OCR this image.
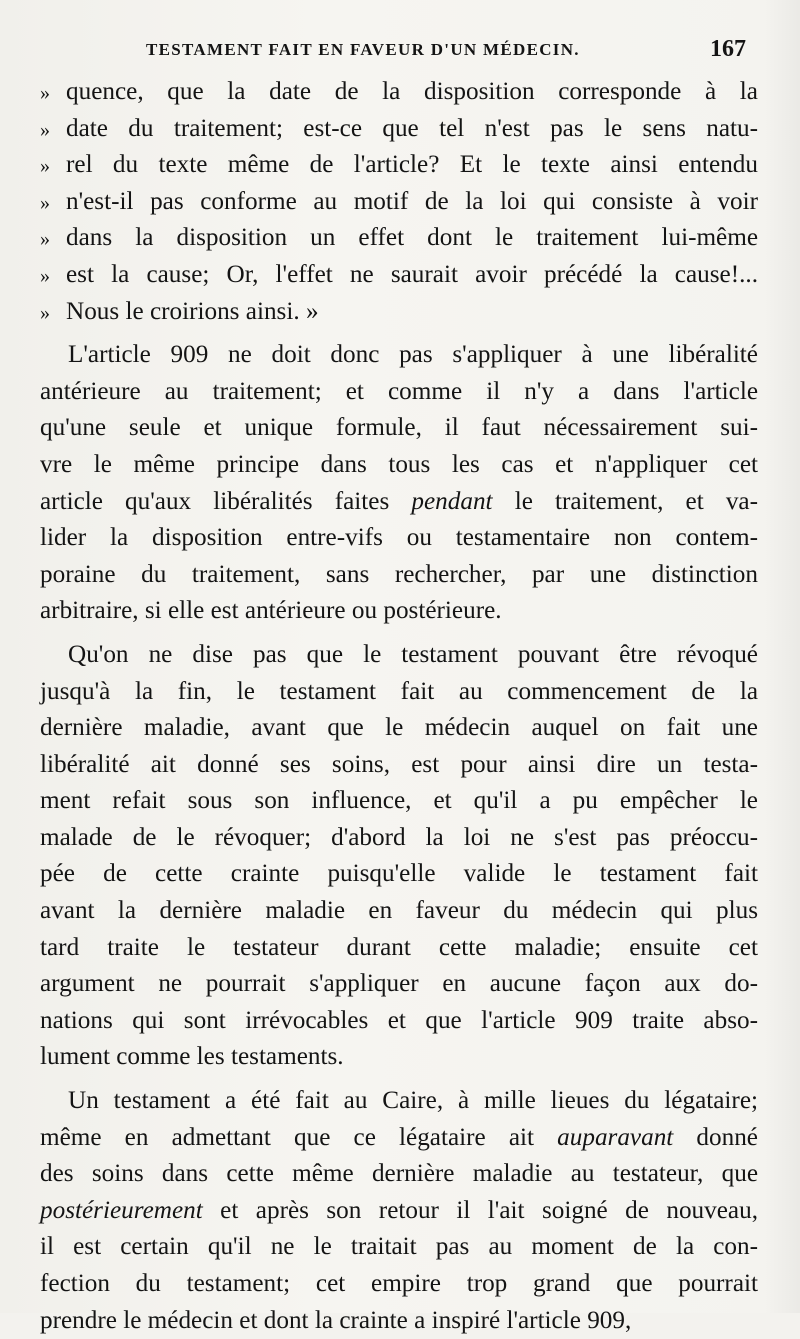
TESTAMENT FAIT EN FAVEUR D'UN MÉDECIN.	167
» quence, que la date de la disposition corresponde à la
» date du traitement; est-ce que tel n'est pas le sens natu-
» rel du texte même de l'article? Et le texte ainsi entendu
» n'est-il pas conforme au motif de la loi qui consiste à voir
» dans la disposition un effet dont le traitement lui-même
» est la cause; Or, l'effet ne saurait avoir précédé la cause!...
» Nous le croirions ainsi. »
L'article 909 ne doit donc pas s'appliquer à une libéralité
antérieure au traitement; et comme il n'y a dans l'article
qu'une seule et unique formule, il faut nécessairement sui-
vre le même principe dans tous les cas et n'appliquer cet
article qu'aux libéralités faites pendant le traitement, et va-
lider la disposition entre-vifs ou testamentaire non contem-
poraine du traitement, sans rechercher, par une distinction
arbitraire, si elle est antérieure ou postérieure.
Qu'on ne dise pas que le testament pouvant être révoqué
jusqu'à la fin, le testament fait au commencement de la
dernière maladie, avant que le médecin auquel on fait une
libéralité ait donné ses soins, est pour ainsi dire un testa-
ment refait sous son influence, et qu'il a pu empêcher le
malade de le révoquer; d'abord la loi ne s'est pas préoccu-
pée de cette crainte puisqu'elle valide le testament fait
avant la dernière maladie en faveur du médecin qui plus
tard traite le testateur durant cette maladie; ensuite cet
argument ne pourrait s'appliquer en aucune façon aux do-
nations qui sont irrévocables et que l'article 909 traite abso-
lument comme les testaments.
Un testament a été fait au Caire, à mille lieues du légataire;
même en admettant que ce légataire ait auparavant donné
des soins dans cette même dernière maladie au testateur, que
postérieurement et après son retour il l'ait soigné de nouveau,
il est certain qu'il ne le traitait pas au moment de la con-
fection du testament; cet empire trop grand que pourrait
prendre le médecin et dont la crainte a inspiré l'article 909,
